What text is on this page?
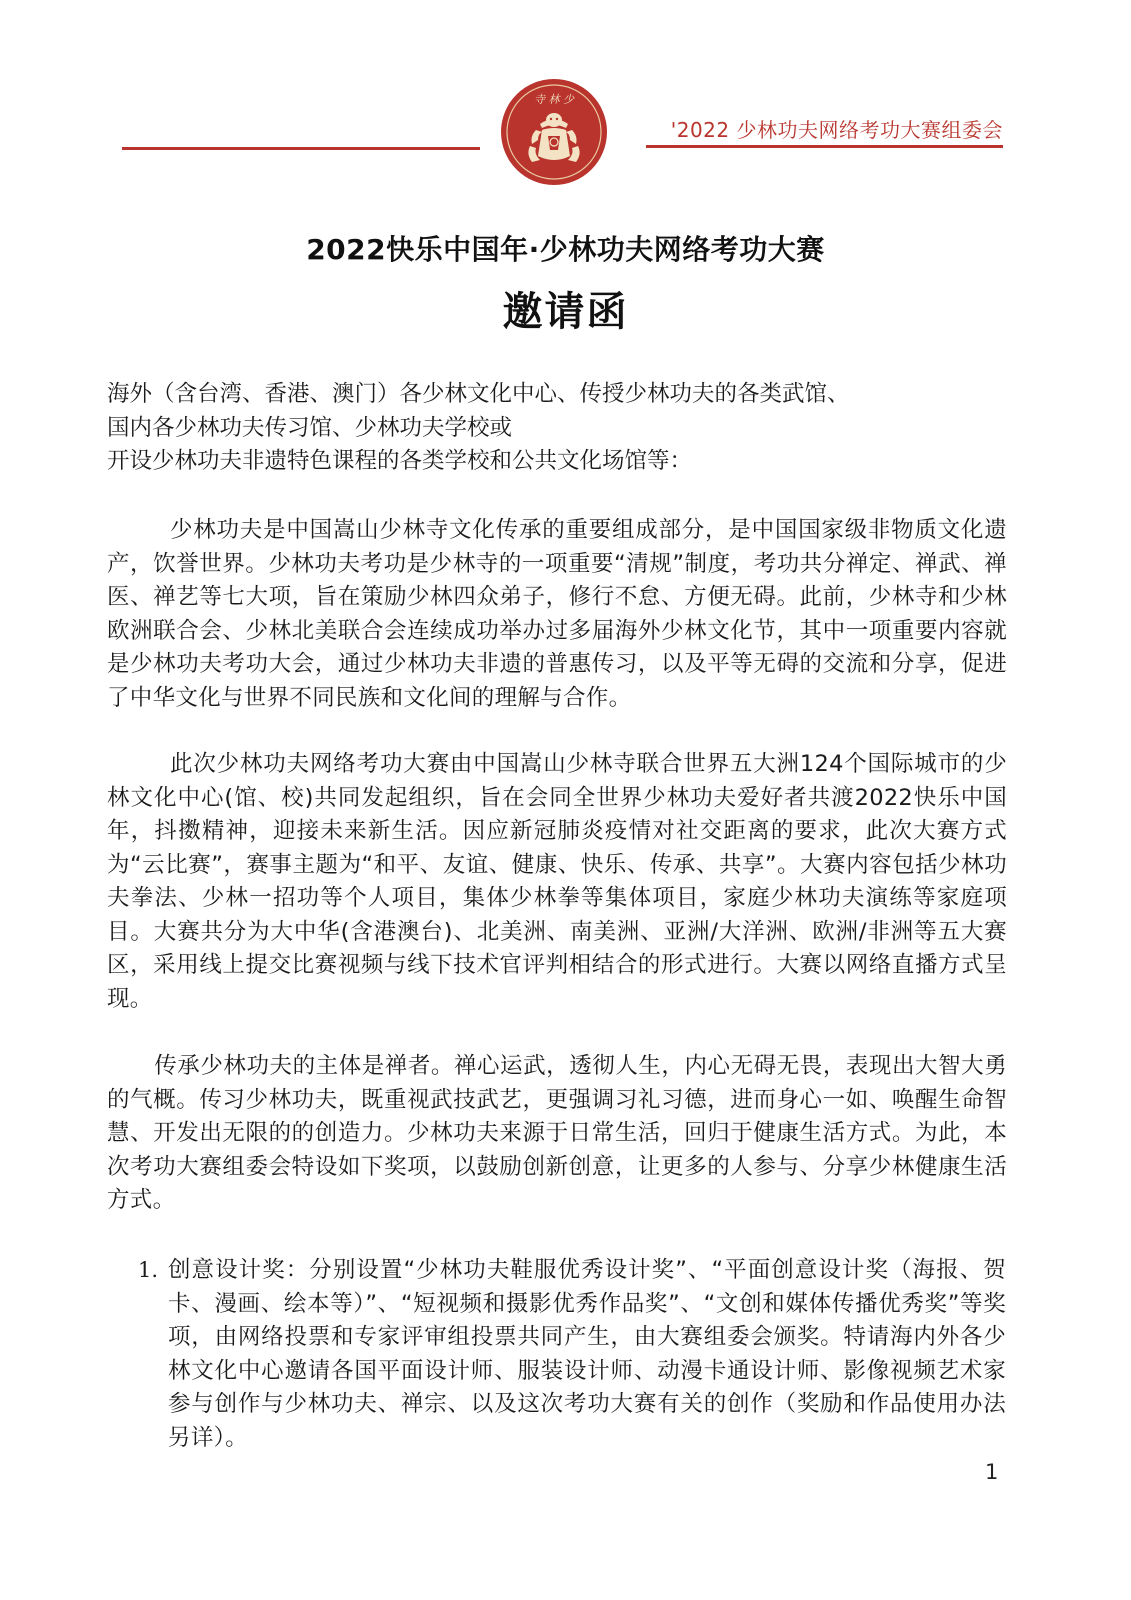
'2022 少林功夫网络考功大赛组委会
寺 林 少
2022快乐中国年·少林功夫网络考功大赛
邀请函
海外（含台湾、香港、澳门）各少林文化中心、传授少林功夫的各类武馆、
国内各少林功夫传习馆、少林功夫学校或
开设少林功夫非遗特色课程的各类学校和公共文化场馆等：
少林功夫是中国嵩山少林寺文化传承的重要组成部分，是中国国家级非物质文化遗产，饮誉世界。少林功夫考功是少林寺的一项重要“清规”制度，考功共分禅定、禅武、禅医、禅艺等七大项，旨在策励少林四众弟子，修行不怠、方便无碍。此前，少林寺和少林欧洲联合会、少林北美联合会连续成功举办过多届海外少林文化节，其中一项重要内容就是少林功夫考功大会，通过少林功夫非遗的普惠传习，以及平等无碍的交流和分享，促进了中华文化与世界不同民族和文化间的理解与合作。
此次少林功夫网络考功大赛由中国嵩山少林寺联合世界五大洲124个国际城市的少林文化中心(馆、校)共同发起组织，旨在会同全世界少林功夫爱好者共渡2022快乐中国年，抖擞精神，迎接未来新生活。因应新冠肺炎疫情对社交距离的要求，此次大赛方式为“云比赛”，赛事主题为“和平、友谊、健康、快乐、传承、共享”。大赛内容包括少林功夫拳法、少林一招功等个人项目，集体少林拳等集体项目，家庭少林功夫演练等家庭项目。大赛共分为大中华(含港澳台)、北美洲、南美洲、亚洲/大洋洲、欧洲/非洲等五大赛区，采用线上提交比赛视频与线下技术官评判相结合的形式进行。大赛以网络直播方式呈现。
传承少林功夫的主体是禅者。禅心运武，透彻人生，内心无碍无畏，表现出大智大勇的气概。传习少林功夫，既重视武技武艺，更强调习礼习德，进而身心一如、唤醒生命智慧、开发出无限的的创造力。少林功夫来源于日常生活，回归于健康生活方式。为此，本次考功大赛组委会特设如下奖项，以鼓励创新创意，让更多的人参与、分享少林健康生活方式。
1. 创意设计奖：分别设置“少林功夫鞋服优秀设计奖”、“平面创意设计奖（海报、贺卡、漫画、绘本等）”、“短视频和摄影优秀作品奖”、“文创和媒体传播优秀奖”等奖项，由网络投票和专家评审组投票共同产生，由大赛组委会颁奖。特请海内外各少林文化中心邀请各国平面设计师、服装设计师、动漫卡通设计师、影像视频艺术家参与创作与少林功夫、禅宗、以及这次考功大赛有关的创作（奖励和作品使用办法另详）。
1
